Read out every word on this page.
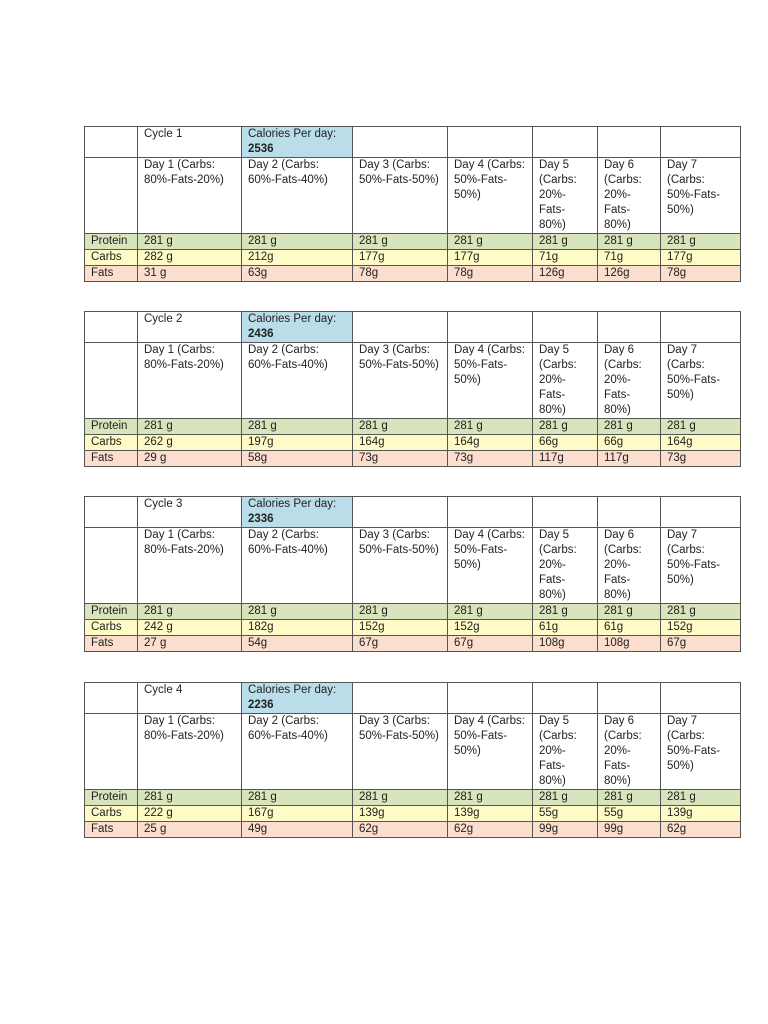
	Cycle 1	Calories Per day: 2536					
	Day 1 (Carbs: 80%-Fats-20%)	Day 2 (Carbs: 60%-Fats-40%)	Day 3 (Carbs: 50%-Fats-50%)	Day 4 (Carbs: 50%-Fats-50%)	Day 5 (Carbs: 20%-Fats-80%)	Day 6 (Carbs: 20%-Fats-80%)	Day 7 (Carbs: 50%-Fats-50%)
Protein	281 g	281 g	281 g	281 g	281 g	281 g	281 g
Carbs	282 g	212g	177g	177g	71g	71g	177g
Fats	31 g	63g	78g	78g	126g	126g	78g
	Cycle 2	Calories Per day: 2436					
	Day 1 (Carbs: 80%-Fats-20%)	Day 2 (Carbs: 60%-Fats-40%)	Day 3 (Carbs: 50%-Fats-50%)	Day 4 (Carbs: 50%-Fats-50%)	Day 5 (Carbs: 20%-Fats-80%)	Day 6 (Carbs: 20%-Fats-80%)	Day 7 (Carbs: 50%-Fats-50%)
Protein	281 g	281 g	281 g	281 g	281 g	281 g	281 g
Carbs	262 g	197g	164g	164g	66g	66g	164g
Fats	29 g	58g	73g	73g	117g	117g	73g
	Cycle 3	Calories Per day: 2336					
	Day 1 (Carbs: 80%-Fats-20%)	Day 2 (Carbs: 60%-Fats-40%)	Day 3 (Carbs: 50%-Fats-50%)	Day 4 (Carbs: 50%-Fats-50%)	Day 5 (Carbs: 20%-Fats-80%)	Day 6 (Carbs: 20%-Fats-80%)	Day 7 (Carbs: 50%-Fats-50%)
Protein	281 g	281 g	281 g	281 g	281 g	281 g	281 g
Carbs	242 g	182g	152g	152g	61g	61g	152g
Fats	27 g	54g	67g	67g	108g	108g	67g
	Cycle 4	Calories Per day: 2236					
	Day 1 (Carbs: 80%-Fats-20%)	Day 2 (Carbs: 60%-Fats-40%)	Day 3 (Carbs: 50%-Fats-50%)	Day 4 (Carbs: 50%-Fats-50%)	Day 5 (Carbs: 20%-Fats-80%)	Day 6 (Carbs: 20%-Fats-80%)	Day 7 (Carbs: 50%-Fats-50%)
Protein	281 g	281 g	281 g	281 g	281 g	281 g	281 g
Carbs	222 g	167g	139g	139g	55g	55g	139g
Fats	25 g	49g	62g	62g	99g	99g	62g
